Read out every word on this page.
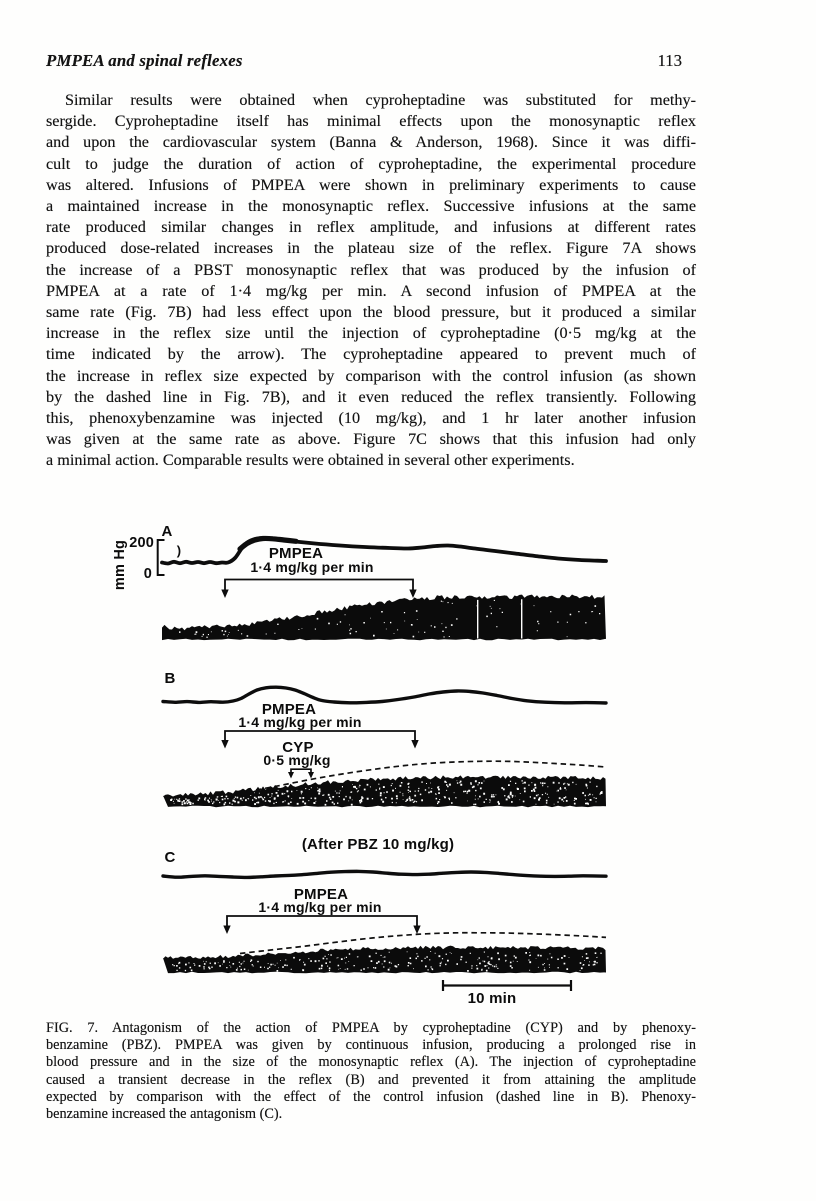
PMPEA and spinal reflexes	113
Similar results were obtained when cyproheptadine was substituted for methy-
sergide. Cyproheptadine itself has minimal effects upon the monosynaptic reflex
and upon the cardiovascular system (Banna & Anderson, 1968). Since it was diffi-
cult to judge the duration of action of cyproheptadine, the experimental procedure
was altered. Infusions of PMPEA were shown in preliminary experiments to cause
a maintained increase in the monosynaptic reflex. Successive infusions at the same
rate produced similar changes in reflex amplitude, and infusions at different rates
produced dose-related increases in the plateau size of the reflex. Figure 7A shows
the increase of a PBST monosynaptic reflex that was produced by the infusion of
PMPEA at a rate of 1·4 mg/kg per min. A second infusion of PMPEA at the
same rate (Fig. 7B) had less effect upon the blood pressure, but it produced a similar
increase in the reflex size until the injection of cyproheptadine (0·5 mg/kg at the
time indicated by the arrow). The cyproheptadine appeared to prevent much of
the increase in reflex size expected by comparison with the control infusion (as shown
by the dashed line in Fig. 7B), and it even reduced the reflex transiently. Following
this, phenoxybenzamine was injected (10 mg/kg), and 1 hr later another infusion
was given at the same rate as above. Figure 7C shows that this infusion had only
a minimal action. Comparable results were obtained in several other experiments.
A
mm Hg 200
0
)	PMPEA
1·4 mg/kg per min
B
PMPEA
1·4 mg/kg per min
CYP
0·5 mg/kg
(After PBZ 10 mg/kg)
C
PMPEA
1·4 mg/kg per min
10 min
FIG. 7. Antagonism of the action of PMPEA by cyproheptadine (CYP) and by phenoxy-
benzamine (PBZ). PMPEA was given by continuous infusion, producing a prolonged rise in
blood pressure and in the size of the monosynaptic reflex (A). The injection of cyproheptadine
caused a transient decrease in the reflex (B) and prevented it from attaining the amplitude
expected by comparison with the effect of the control infusion (dashed line in B). Phenoxy-
benzamine increased the antagonism (C).
